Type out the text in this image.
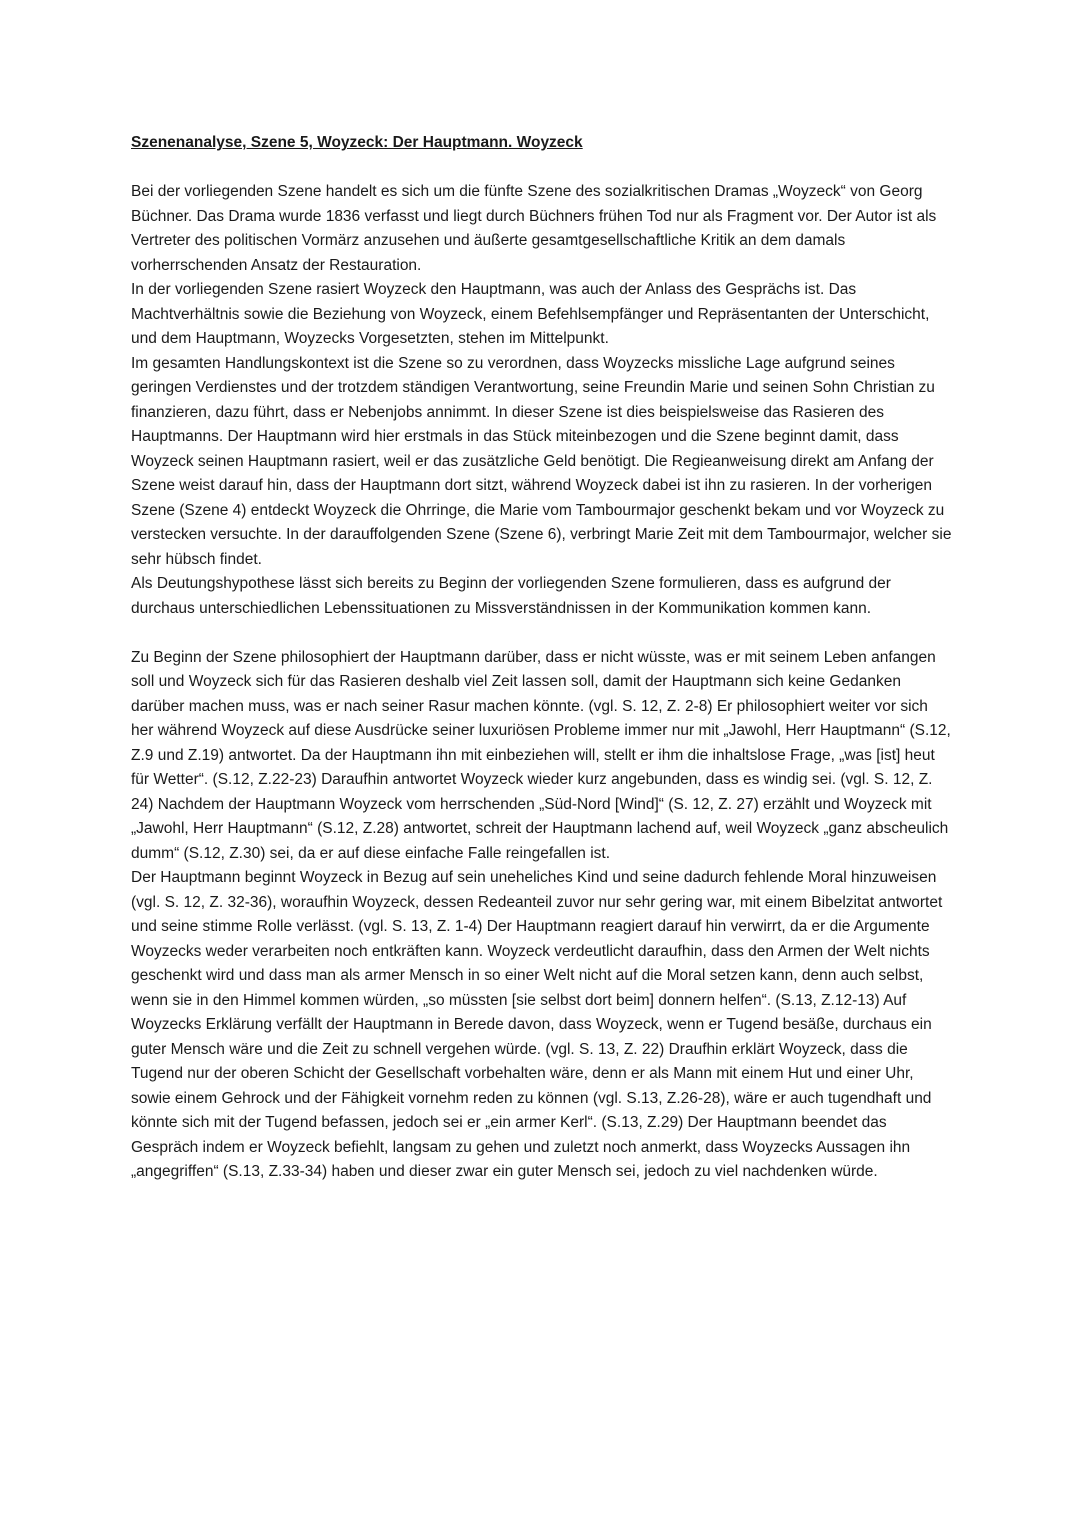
Szenenanalyse, Szene 5, Woyzeck: Der Hauptmann. Woyzeck

Bei der vorliegenden Szene handelt es sich um die fünfte Szene des sozialkritischen Dramas „Woyzeck“ von Georg Büchner. Das Drama wurde 1836 verfasst und liegt durch Büchners frühen Tod nur als Fragment vor. Der Autor ist als Vertreter des politischen Vormärz anzusehen und äußerte gesamtgesellschaftliche Kritik an dem damals vorherrschenden Ansatz der Restauration.

In der vorliegenden Szene rasiert Woyzeck den Hauptmann, was auch der Anlass des Gesprächs ist. Das Machtverhältnis sowie die Beziehung von Woyzeck, einem Befehlsempfänger und Repräsentanten der Unterschicht, und dem Hauptmann, Woyzecks Vorgesetzten, stehen im Mittelpunkt.

Im gesamten Handlungskontext ist die Szene so zu verordnen, dass Woyzecks missliche Lage aufgrund seines geringen Verdienstes und der trotzdem ständigen Verantwortung, seine Freundin Marie und seinen Sohn Christian zu finanzieren, dazu führt, dass er Nebenjobs annimmt. In dieser Szene ist dies beispielsweise das Rasieren des Hauptmanns. Der Hauptmann wird hier erstmals in das Stück miteinbezogen und die Szene beginnt damit, dass Woyzeck seinen Hauptmann rasiert, weil er das zusätzliche Geld benötigt. Die Regieanweisung direkt am Anfang der Szene weist darauf hin, dass der Hauptmann dort sitzt, während Woyzeck dabei ist ihn zu rasieren. In der vorherigen Szene (Szene 4) entdeckt Woyzeck die Ohrringe, die Marie vom Tambourmajor geschenkt bekam und vor Woyzeck zu verstecken versuchte. In der darauffolgenden Szene (Szene 6), verbringt Marie Zeit mit dem Tambourmajor, welcher sie sehr hübsch findet.

Als Deutungshypothese lässt sich bereits zu Beginn der vorliegenden Szene formulieren, dass es aufgrund der durchaus unterschiedlichen Lebenssituationen zu Missverständnissen in der Kommunikation kommen kann.

Zu Beginn der Szene philosophiert der Hauptmann darüber, dass er nicht wüsste, was er mit seinem Leben anfangen soll und Woyzeck sich für das Rasieren deshalb viel Zeit lassen soll, damit der Hauptmann sich keine Gedanken darüber machen muss, was er nach seiner Rasur machen könnte. (vgl. S. 12, Z. 2-8) Er philosophiert weiter vor sich her während Woyzeck auf diese Ausdrücke seiner luxuriösen Probleme immer nur mit „Jawohl, Herr Hauptmann“ (S.12, Z.9 und Z.19) antwortet. Da der Hauptmann ihn mit einbeziehen will, stellt er ihm die inhaltslose Frage, „was [ist] heut für Wetter“. (S.12, Z.22-23) Daraufhin antwortet Woyzeck wieder kurz angebunden, dass es windig sei. (vgl. S. 12, Z. 24) Nachdem der Hauptmann Woyzeck vom herrschenden „Süd-Nord [Wind]“ (S. 12, Z. 27) erzählt und Woyzeck mit „Jawohl, Herr Hauptmann“ (S.12, Z.28) antwortet, schreit der Hauptmann lachend auf, weil Woyzeck „ganz abscheulich dumm“ (S.12, Z.30) sei, da er auf diese einfache Falle reingefallen ist.

Der Hauptmann beginnt Woyzeck in Bezug auf sein uneheliches Kind und seine dadurch fehlende Moral hinzuweisen (vgl. S. 12, Z. 32-36), woraufhin Woyzeck, dessen Redeanteil zuvor nur sehr gering war, mit einem Bibelzitat antwortet und seine stimme Rolle verlässt. (vgl. S. 13, Z. 1-4) Der Hauptmann reagiert darauf hin verwirrt, da er die Argumente Woyzecks weder verarbeiten noch entkräften kann. Woyzeck verdeutlicht daraufhin, dass den Armen der Welt nichts geschenkt wird und dass man als armer Mensch in so einer Welt nicht auf die Moral setzen kann, denn auch selbst, wenn sie in den Himmel kommen würden, „so müssten [sie selbst dort beim] donnern helfen“. (S.13, Z.12-13) Auf Woyzecks Erklärung verfällt der Hauptmann in Berede davon, dass Woyzeck, wenn er Tugend besäße, durchaus ein guter Mensch wäre und die Zeit zu schnell vergehen würde. (vgl. S. 13, Z. 22) Draufhin erklärt Woyzeck, dass die Tugend nur der oberen Schicht der Gesellschaft vorbehalten wäre, denn er als Mann mit einem Hut und einer Uhr, sowie einem Gehrock und der Fähigkeit vornehm reden zu können (vgl. S.13, Z.26-28), wäre er auch tugendhaft und könnte sich mit der Tugend befassen, jedoch sei er „ein armer Kerl“. (S.13, Z.29) Der Hauptmann beendet das Gespräch indem er Woyzeck befiehlt, langsam zu gehen und zuletzt noch anmerkt, dass Woyzecks Aussagen ihn „angegriffen“ (S.13, Z.33-34) haben und dieser zwar ein guter Mensch sei, jedoch zu viel nachdenken würde.
